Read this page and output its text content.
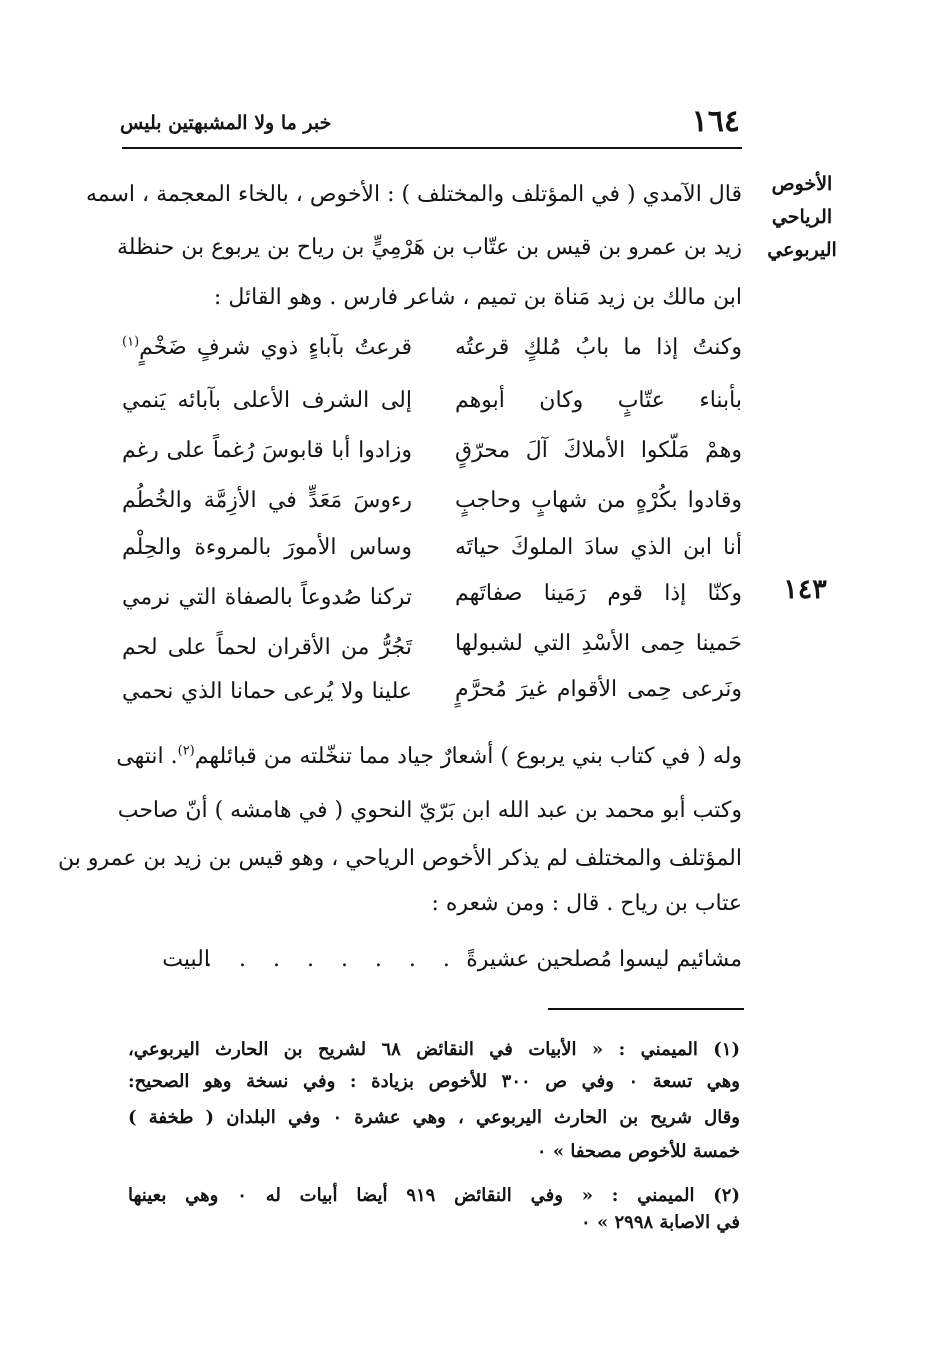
خبر ما ولا المشبهتين بليس	١٦٤
الأخوص
الرياحي
اليربوعي
قال الآمدي ( في المؤتلف والمختلف ) : الأخوص ، بالخاء المعجمة ، اسمه
زيد بن عمرو بن قيس بن عتّاب بن هَرْمِيٍّ بن رياح بن يربوع بن حنظلة
ابن مالك بن زيد مَناة بن تميم ، شاعر فارس . وهو القائل :
وكنتُ إذا ما بابُ مُلكٍ قرعتُه
قرعتُ بآباءٍ ذوي شرفٍ ضَخْمٍ$^{(١)}$
بأبناء عتّابٍ وكان أبوهم
إلى الشرف الأعلى بآبائه يَنمي
وهمْ مَلّكوا الأملاكَ آلَ محرّقٍ
وزادوا أبا قابوسَ رُغماً على رغم
وقادوا بكُرْهٍ من شهابٍ وحاجبٍ
رءوسَ مَعَدٍّ في الأزِمَّة والخُطُم
أنا ابن الذي سادَ الملوكَ حياتَه
وساس الأمورَ بالمروءة والحِلْم
١٤٣
وكنّا إذا قوم رَمَينا صفاتَهم
تركنا صُدوعاً بالصفاة التي نرمي
حَمينا حِمى الأسْدِ التي لشبولها
تَجُرُّ من الأقران لحماً على لحم
ونَرعى حِمى الأقوام غيرَ مُحرَّمٍ
علينا ولا يُرعى حمانا الذي نحمي
وله ( في كتاب بني يربوع ) أشعارٌ جياد مما تنخّلته من قبائلهم$^{(٢)}$. انتهى
وكتب أبو محمد بن عبد الله ابن بَرّيّ النحوي ( في هامشه ) أنّ صاحب
المؤتلف والمختلف لم يذكر الأخوص الرياحي ، وهو قيس بن زيد بن عمرو بن
عتاب بن رياح . قال : ومن شعره :
مشائيم ليسوا مُصلحين عشيرةً
. . . . . . . .
البيت
(١) الميمني : « الأبيات في النقائض ٦٨ لشريح بن الحارث اليربوعي،
وهي تسعة ٠ وفي ص ٣٠٠ للأخوص بزيادة : وفي نسخة وهو الصحيح:
وقال شريح بن الحارث اليربوعي ، وهي عشرة ٠ وفي البلدان ( طخفة )
خمسة للأخوص مصحفا » ٠
(٢) الميمني : « وفي النقائض ٩١٩ أيضا أبيات له ٠ وهي بعينها
في الاصابة ٢٩٩٨ » ٠
